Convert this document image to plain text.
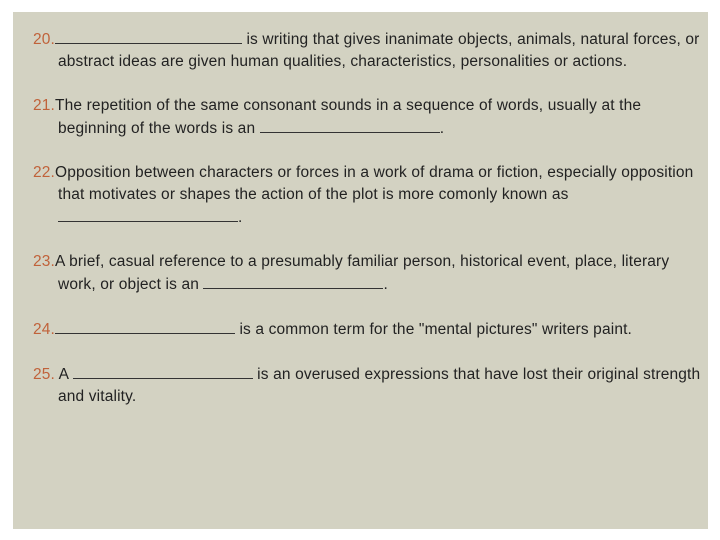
20.	is writing that gives inanimate objects, animals, natural forces, or abstract ideas are given human qualities, characteristics, personalities or actions.
21.The repetition of the same consonant sounds in a sequence of words, usually at the beginning of the words is an	.
22.Opposition between characters or forces in a work of drama or fiction, especially opposition that motivates or shapes the action of the plot is more comonly known as .
23.A brief, casual reference to a presumably familiar person, historical event, place, literary work, or object is an	.
24.	is a common term for the "mental pictures" writers paint.
25. A	is an overused expressions that have lost their original strength and vitality.
